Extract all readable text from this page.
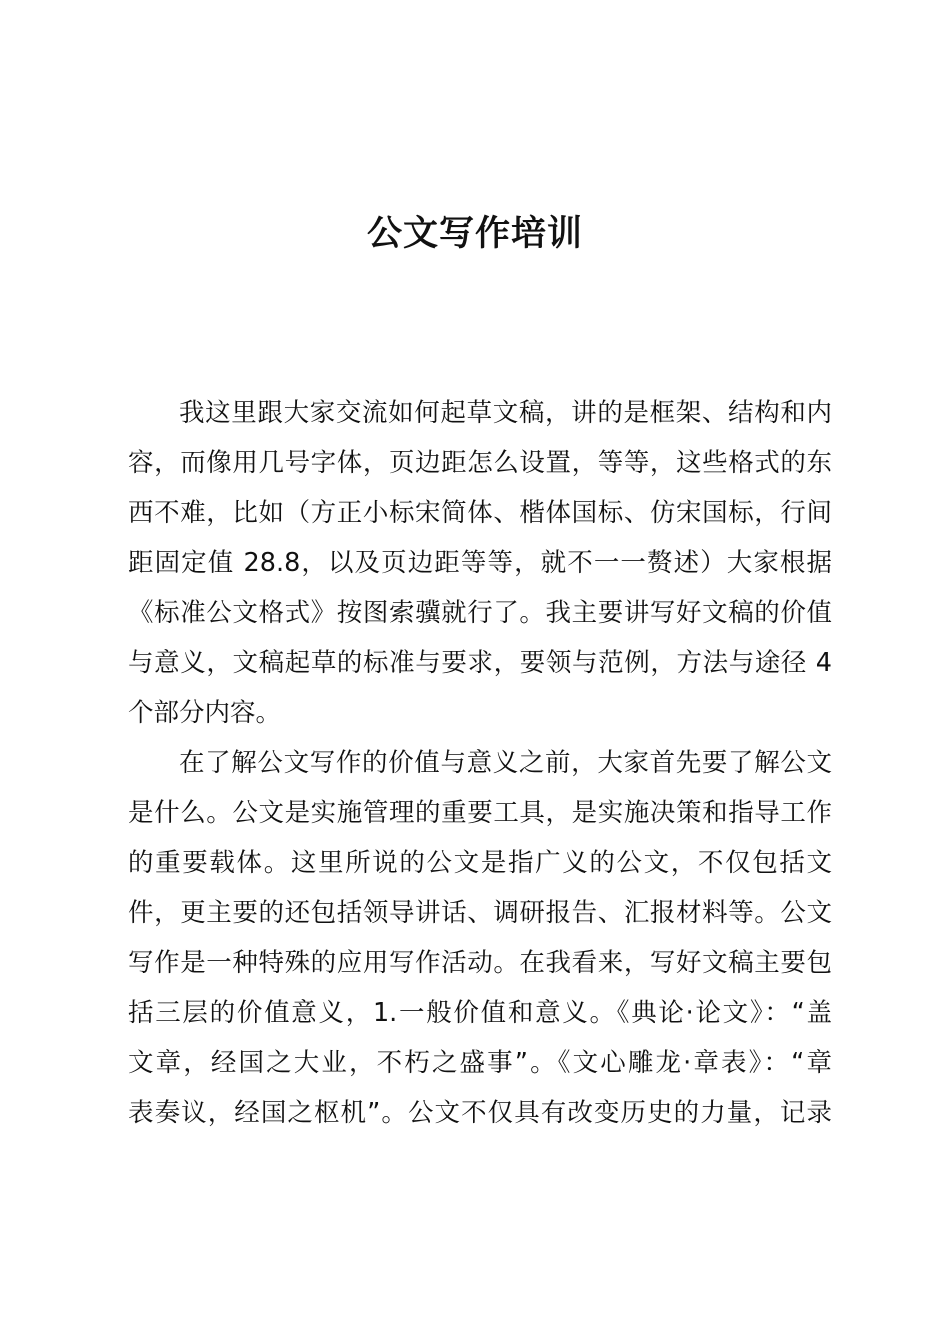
公文写作培训
我这里跟大家交流如何起草文稿，讲的是框架、结构和内
容，而像用几号字体，页边距怎么设置，等等，这些格式的东
西不难，比如（方正小标宋简体、楷体国标、仿宋国标，行间
距固定值 28.8，以及页边距等等，就不一一赘述）大家根据
《标准公文格式》按图索骥就行了。我主要讲写好文稿的价值
与意义，文稿起草的标准与要求，要领与范例，方法与途径 4
个部分内容。
在了解公文写作的价值与意义之前，大家首先要了解公文
是什么。公文是实施管理的重要工具，是实施决策和指导工作
的重要载体。这里所说的公文是指广义的公文，不仅包括文
件，更主要的还包括领导讲话、调研报告、汇报材料等。公文
写作是一种特殊的应用写作活动。在我看来，写好文稿主要包
括三层的价值意义，1.一般价值和意义。《典论·论文》：“盖
文章，经国之大业，不朽之盛事”。《文心雕龙·章表》：“章
表奏议，经国之枢机”。公文不仅具有改变历史的力量，记录
